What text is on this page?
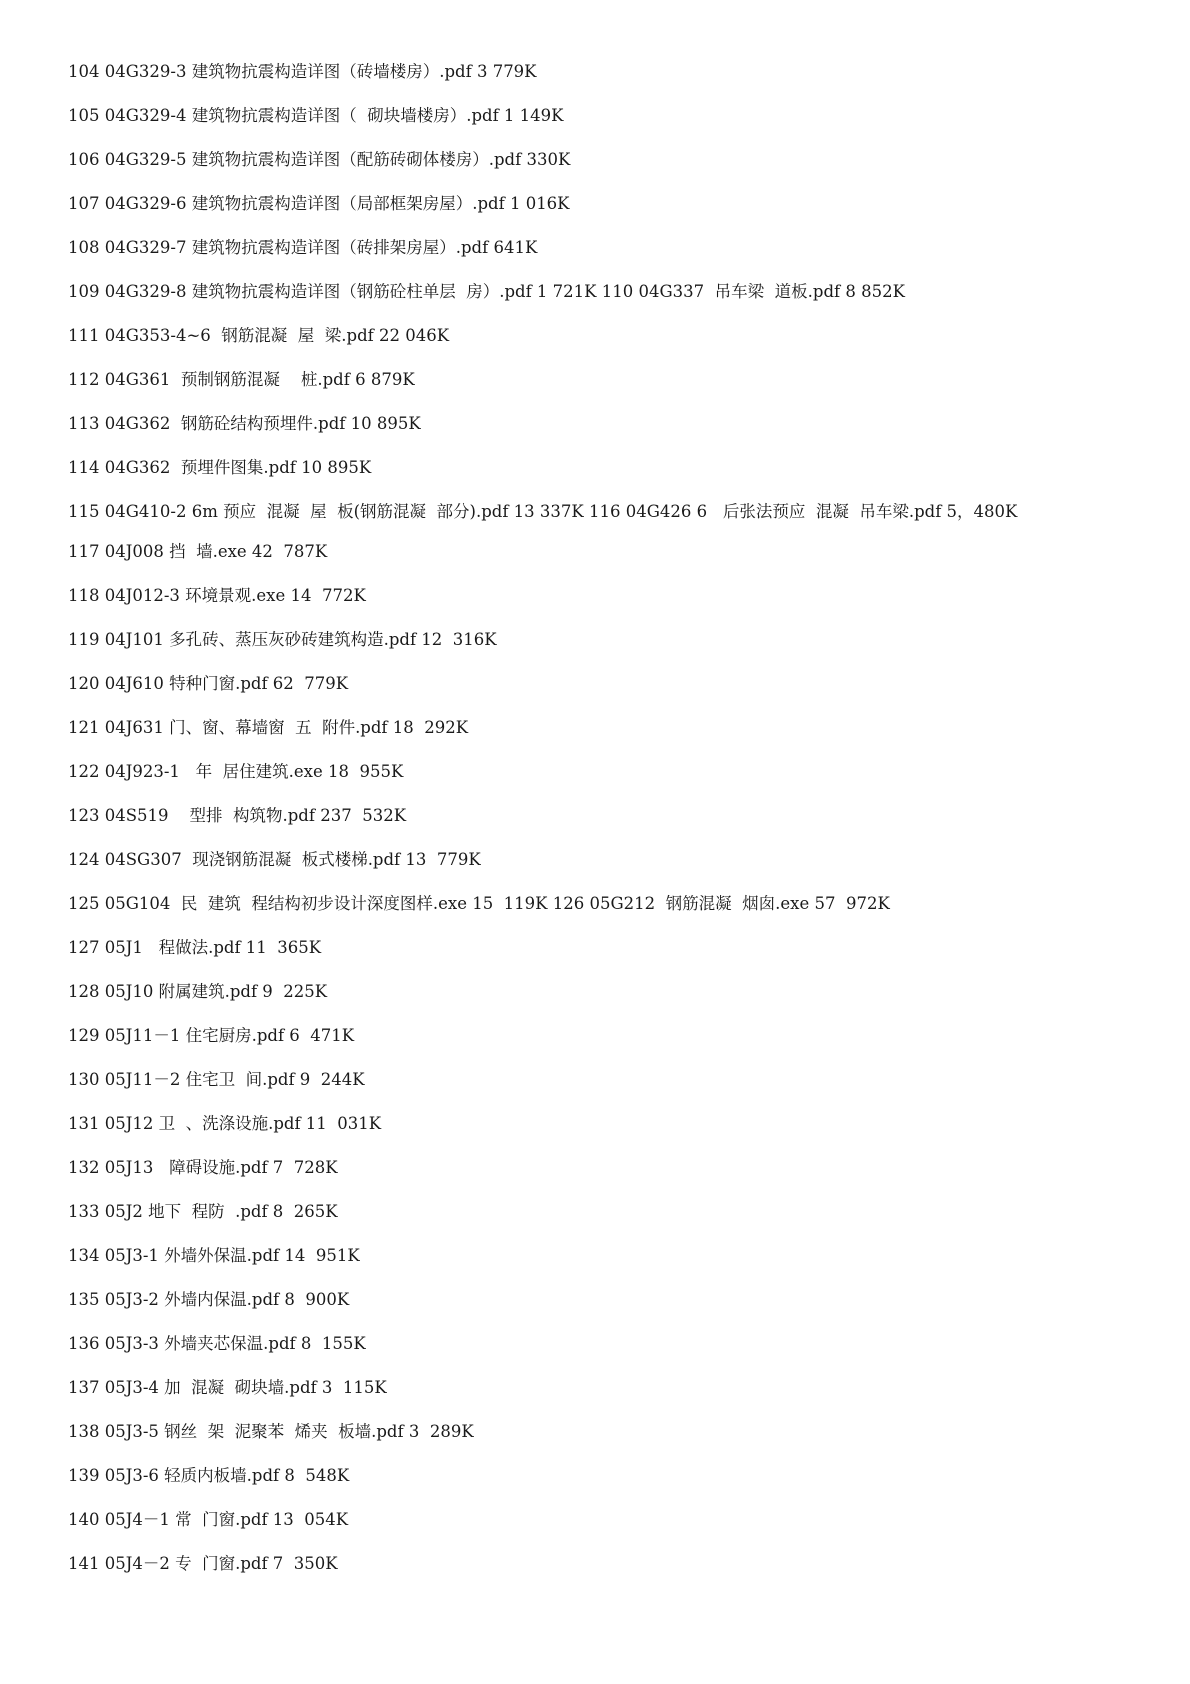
104 04G329-3 建筑物抗震构造详图（砖墙楼房）.pdf 3 779K
105 04G329-4 建筑物抗震构造详图（  砌块墙楼房）.pdf 1 149K
106 04G329-5 建筑物抗震构造详图（配筋砖砌体楼房）.pdf 330K
107 04G329-6 建筑物抗震构造详图（局部框架房屋）.pdf 1 016K
108 04G329-7 建筑物抗震构造详图（砖排架房屋）.pdf 641K
109 04G329-8 建筑物抗震构造详图（钢筋砼柱单层  房）.pdf 1 721K 110 04G337  吊车梁  道板.pdf 8 852K
111 04G353-4~6  钢筋混凝  屋  梁.pdf 22 046K
112 04G361  预制钢筋混凝    桩.pdf 6 879K
113 04G362  钢筋砼结构预埋件.pdf 10 895K
114 04G362  预埋件图集.pdf 10 895K
115 04G410-2 6m 预应  混凝  屋  板(钢筋混凝  部分).pdf 13 337K 116 04G426 6   后张法预应  混凝  吊车梁.pdf 5，480K
117 04J008 挡  墙.exe 42  787K
118 04J012-3 环境景观.exe 14  772K
119 04J101 多孔砖、蒸压灰砂砖建筑构造.pdf 12  316K
120 04J610 特种门窗.pdf 62  779K
121 04J631 门、窗、幕墙窗  五  附件.pdf 18  292K
122 04J923-1   年  居住建筑.exe 18  955K
123 04S519    型排  构筑物.pdf 237  532K
124 04SG307  现浇钢筋混凝  板式楼梯.pdf 13  779K
125 05G104  民  建筑  程结构初步设计深度图样.exe 15  119K 126 05G212  钢筋混凝  烟囱.exe 57  972K
127 05J1   程做法.pdf 11  365K
128 05J10 附属建筑.pdf 9  225K
129 05J11－1 住宅厨房.pdf 6  471K
130 05J11－2 住宅卫  间.pdf 9  244K
131 05J12 卫  、洗涤设施.pdf 11  031K
132 05J13   障碍设施.pdf 7  728K
133 05J2 地下  程防  .pdf 8  265K
134 05J3-1 外墙外保温.pdf 14  951K
135 05J3-2 外墙内保温.pdf 8  900K
136 05J3-3 外墙夹芯保温.pdf 8  155K
137 05J3-4 加  混凝  砌块墙.pdf 3  115K
138 05J3-5 钢丝  架  泥聚苯  烯夹  板墙.pdf 3  289K
139 05J3-6 轻质内板墙.pdf 8  548K
140 05J4－1 常  门窗.pdf 13  054K
141 05J4－2 专  门窗.pdf 7  350K
